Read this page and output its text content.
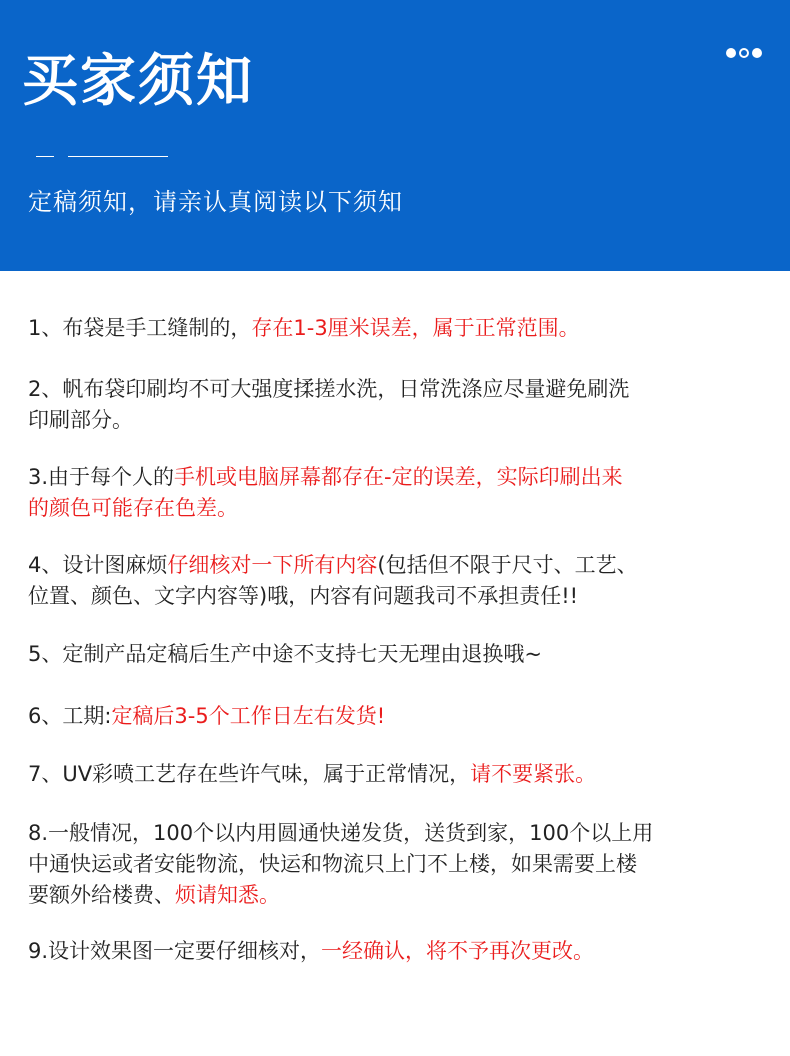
买家须知
定稿须知，请亲认真阅读以下须知
1、布袋是手工缝制的，存在1-3厘米误差，属于正常范围。
2、帆布袋印刷均不可大强度揉搓水洗，日常洗涤应尽量避免刷洗
印刷部分。
3.由于每个人的手机或电脑屏幕都存在-定的误差，实际印刷出来
的颜色可能存在色差。
4、设计图麻烦仔细核对一下所有内容(包括但不限于尺寸、工艺、
位置、颜色、文字内容等)哦，内容有问题我司不承担责任!!
5、定制产品定稿后生产中途不支持七天无理由退换哦~
6、工期:定稿后3-5个工作日左右发货!
7、UV彩喷工艺存在些许气味，属于正常情况，请不要紧张。
8.一般情况，100个以内用圆通快递发货，送货到家，100个以上用
中通快运或者安能物流，快运和物流只上门不上楼，如果需要上楼
要额外给楼费、烦请知悉。
9.设计效果图一定要仔细核对，一经确认，将不予再次更改。
